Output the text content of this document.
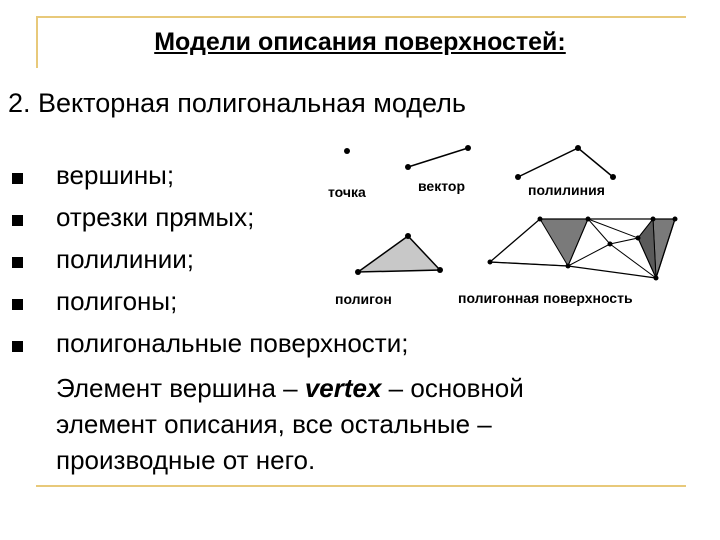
Модели описания поверхностей:
2. Векторная полигональная модель
вершины;
отрезки прямых;
полилинии;
полигоны;
полигональные поверхности;
Элемент вершина – vertex – основной
элемент описания, все остальные –
производные от него.
точка	вектор	полилиния
полигон	полигонная поверхность
